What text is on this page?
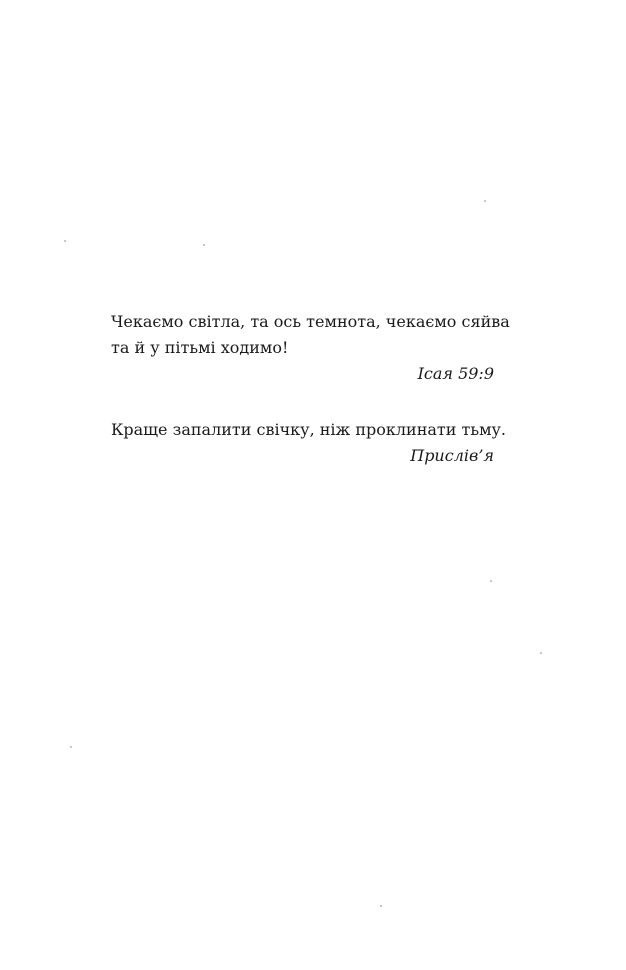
Чекаємо світла, та ось темнота, чекаємо сяйва
та й у пітьмі ходимо!
Ісая 59:9
Краще запалити свічку, ніж проклинати тьму.
Прислів’я
